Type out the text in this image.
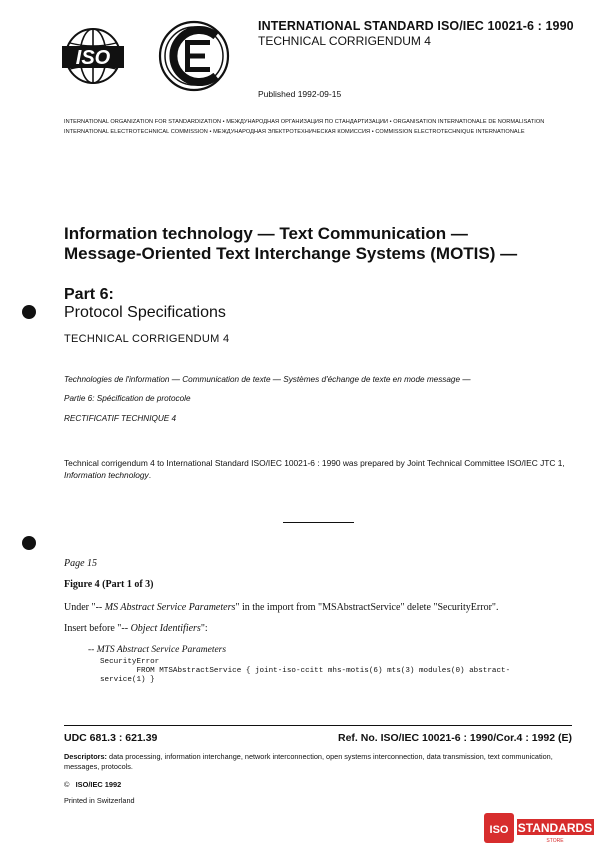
ISO
IEC
INTERNATIONAL STANDARD ISO/IEC 10021-6 : 1990
TECHNICAL CORRIGENDUM 4
Published 1992-09-15
INTERNATIONAL ORGANIZATION FOR STANDARDIZATION • МЕЖДУНАРОДНАЯ ОРГАНИЗАЦИЯ ПО СТАНДАРТИЗАЦИИ • ORGANISATION INTERNATIONALE DE NORMALISATION
INTERNATIONAL ELECTROTECHNICAL COMMISSION • МЕЖДУНАРОДНАЯ ЭЛЕКТРОТЕХНИЧЕСКАЯ КОМИССИЯ • COMMISSION ELECTROTECHNIQUE INTERNATIONALE
Information technology — Text Communication —
Message-Oriented Text Interchange Systems (MOTIS) —
Part 6:
Protocol Specifications
TECHNICAL CORRIGENDUM 4
Technologies de l'information — Communication de texte — Systèmes d'échange de texte en mode message —
Partie 6: Spécification de protocole
RECTIFICATIF TECHNIQUE 4
Technical corrigendum 4 to International Standard ISO/IEC 10021-6 : 1990 was prepared by Joint Technical Committee ISO/IEC JTC 1, Information technology.
Page 15
Figure 4 (Part 1 of 3)
Under "-- MS Abstract Service Parameters" in the import from "MSAbstractService" delete "SecurityError".
Insert before "-- Object Identifiers":
-- MTS Abstract Service Parameters
SecurityError
FROM MTSAbstractService { joint-iso-ccitt mhs-motis(6) mts(3) modules(0) abstract-
service(1) }
UDC 681.3 : 621.39	Ref. No. ISO/IEC 10021-6 : 1990/Cor.4 : 1992 (E)
Descriptors: data processing, information interchange, network interconnection, open systems interconnection, data transmission, text communication, messages, protocols.
© ISO/IEC 1992
Printed in Switzerland
ISO STANDARDS
STORE
